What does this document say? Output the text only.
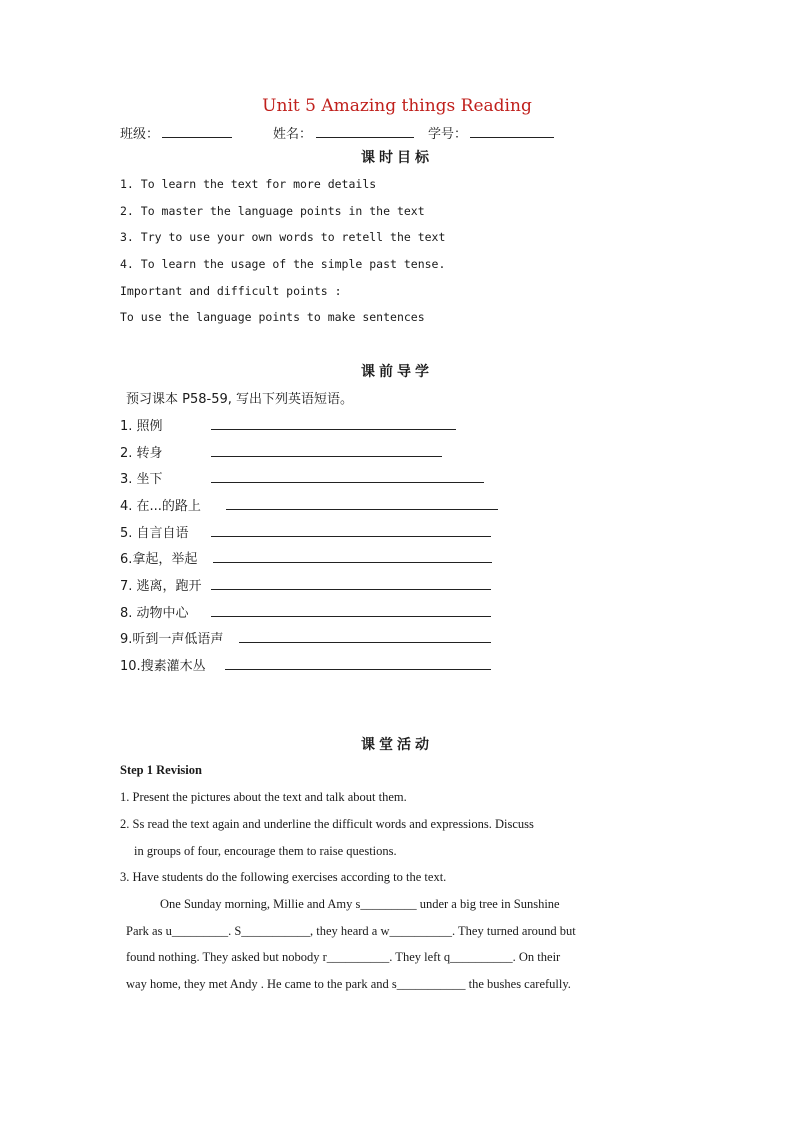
Unit 5 Amazing things Reading
班级：	姓名：	学号：
课时目标
1. To learn the text for more details
2. To master the language points in the text
3. Try to use your own words to retell the text
4. To learn the usage of the simple past tense.
Important and difficult points :
To use the language points to make sentences
课前导学
预习课本 P58-59, 写出下列英语短语。
1. 照例
2. 转身
3. 坐下
4. 在...的路上
5. 自言自语
6.拿起，举起
7. 逃离，跑开
8. 动物中心
9.听到一声低语声
10.搜素灌木丛
课堂活动
Step 1 Revision
1. Present the pictures about the text and talk about them.
2. Ss read the text again and underline the difficult words and expressions. Discuss
in groups of four, encourage them to raise questions.
3. Have students do the following exercises according to the text.
One Sunday morning, Millie and Amy s_________ under a big tree in Sunshine
Park as u_________. S___________, they heard a w__________. They turned around but
found nothing. They asked but nobody r__________. They left q__________. On their
way home, they met Andy . He came to the park and s___________ the bushes carefully.
